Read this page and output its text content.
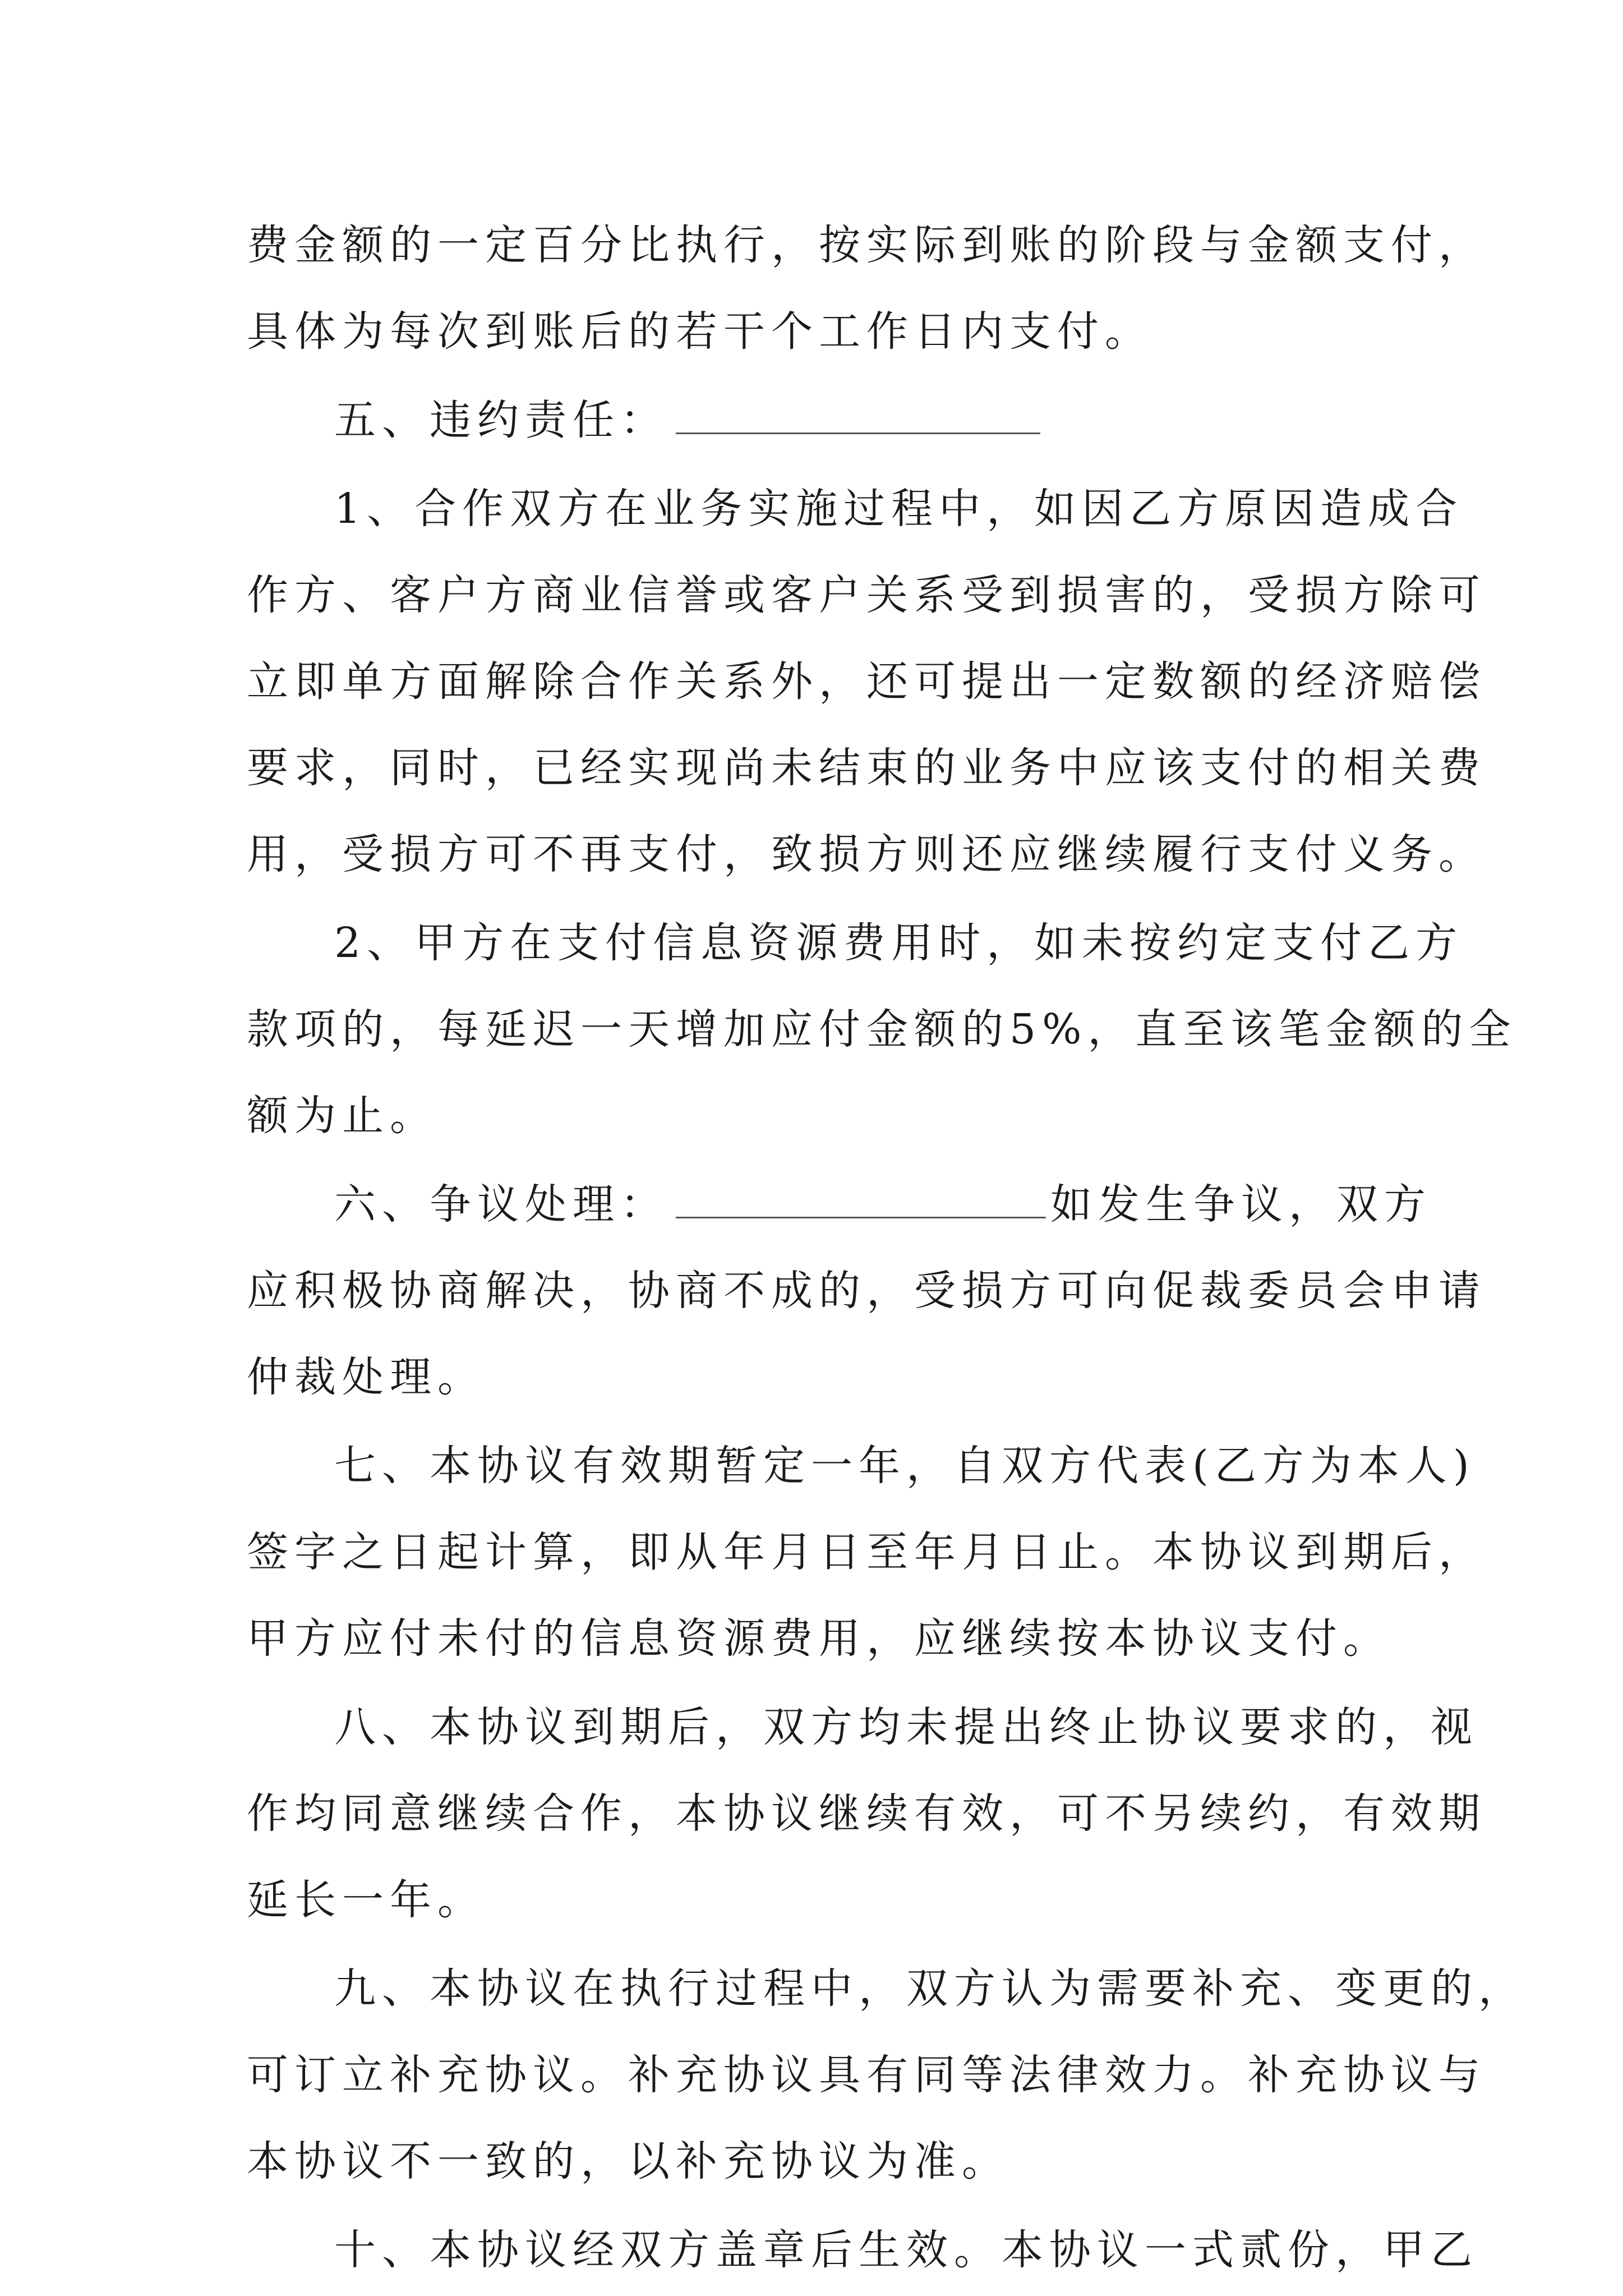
费金额的一定百分比执行，按实际到账的阶段与金额支付，
具体为每次到账后的若干个工作日内支付。
五、违约责任：
1、合作双方在业务实施过程中，如因乙方原因造成合
作方、客户方商业信誉或客户关系受到损害的，受损方除可
立即单方面解除合作关系外，还可提出一定数额的经济赔偿
要求，同时，已经实现尚未结束的业务中应该支付的相关费
用，受损方可不再支付，致损方则还应继续履行支付义务。
2、甲方在支付信息资源费用时，如未按约定支付乙方
款项的，每延迟一天增加应付金额的5%，直至该笔金额的全
额为止。
六、争议处理：	如发生争议，双方
应积极协商解决，协商不成的，受损方可向促裁委员会申请
仲裁处理。
七、本协议有效期暂定一年，自双方代表(乙方为本人)
签字之日起计算，即从年月日至年月日止。本协议到期后，
甲方应付未付的信息资源费用，应继续按本协议支付。
八、本协议到期后，双方均未提出终止协议要求的，视
作均同意继续合作，本协议继续有效，可不另续约，有效期
延长一年。
九、本协议在执行过程中，双方认为需要补充、变更的，
可订立补充协议。补充协议具有同等法律效力。补充协议与
本协议不一致的，以补充协议为准。
十、本协议经双方盖章后生效。本协议一式贰份，甲乙
